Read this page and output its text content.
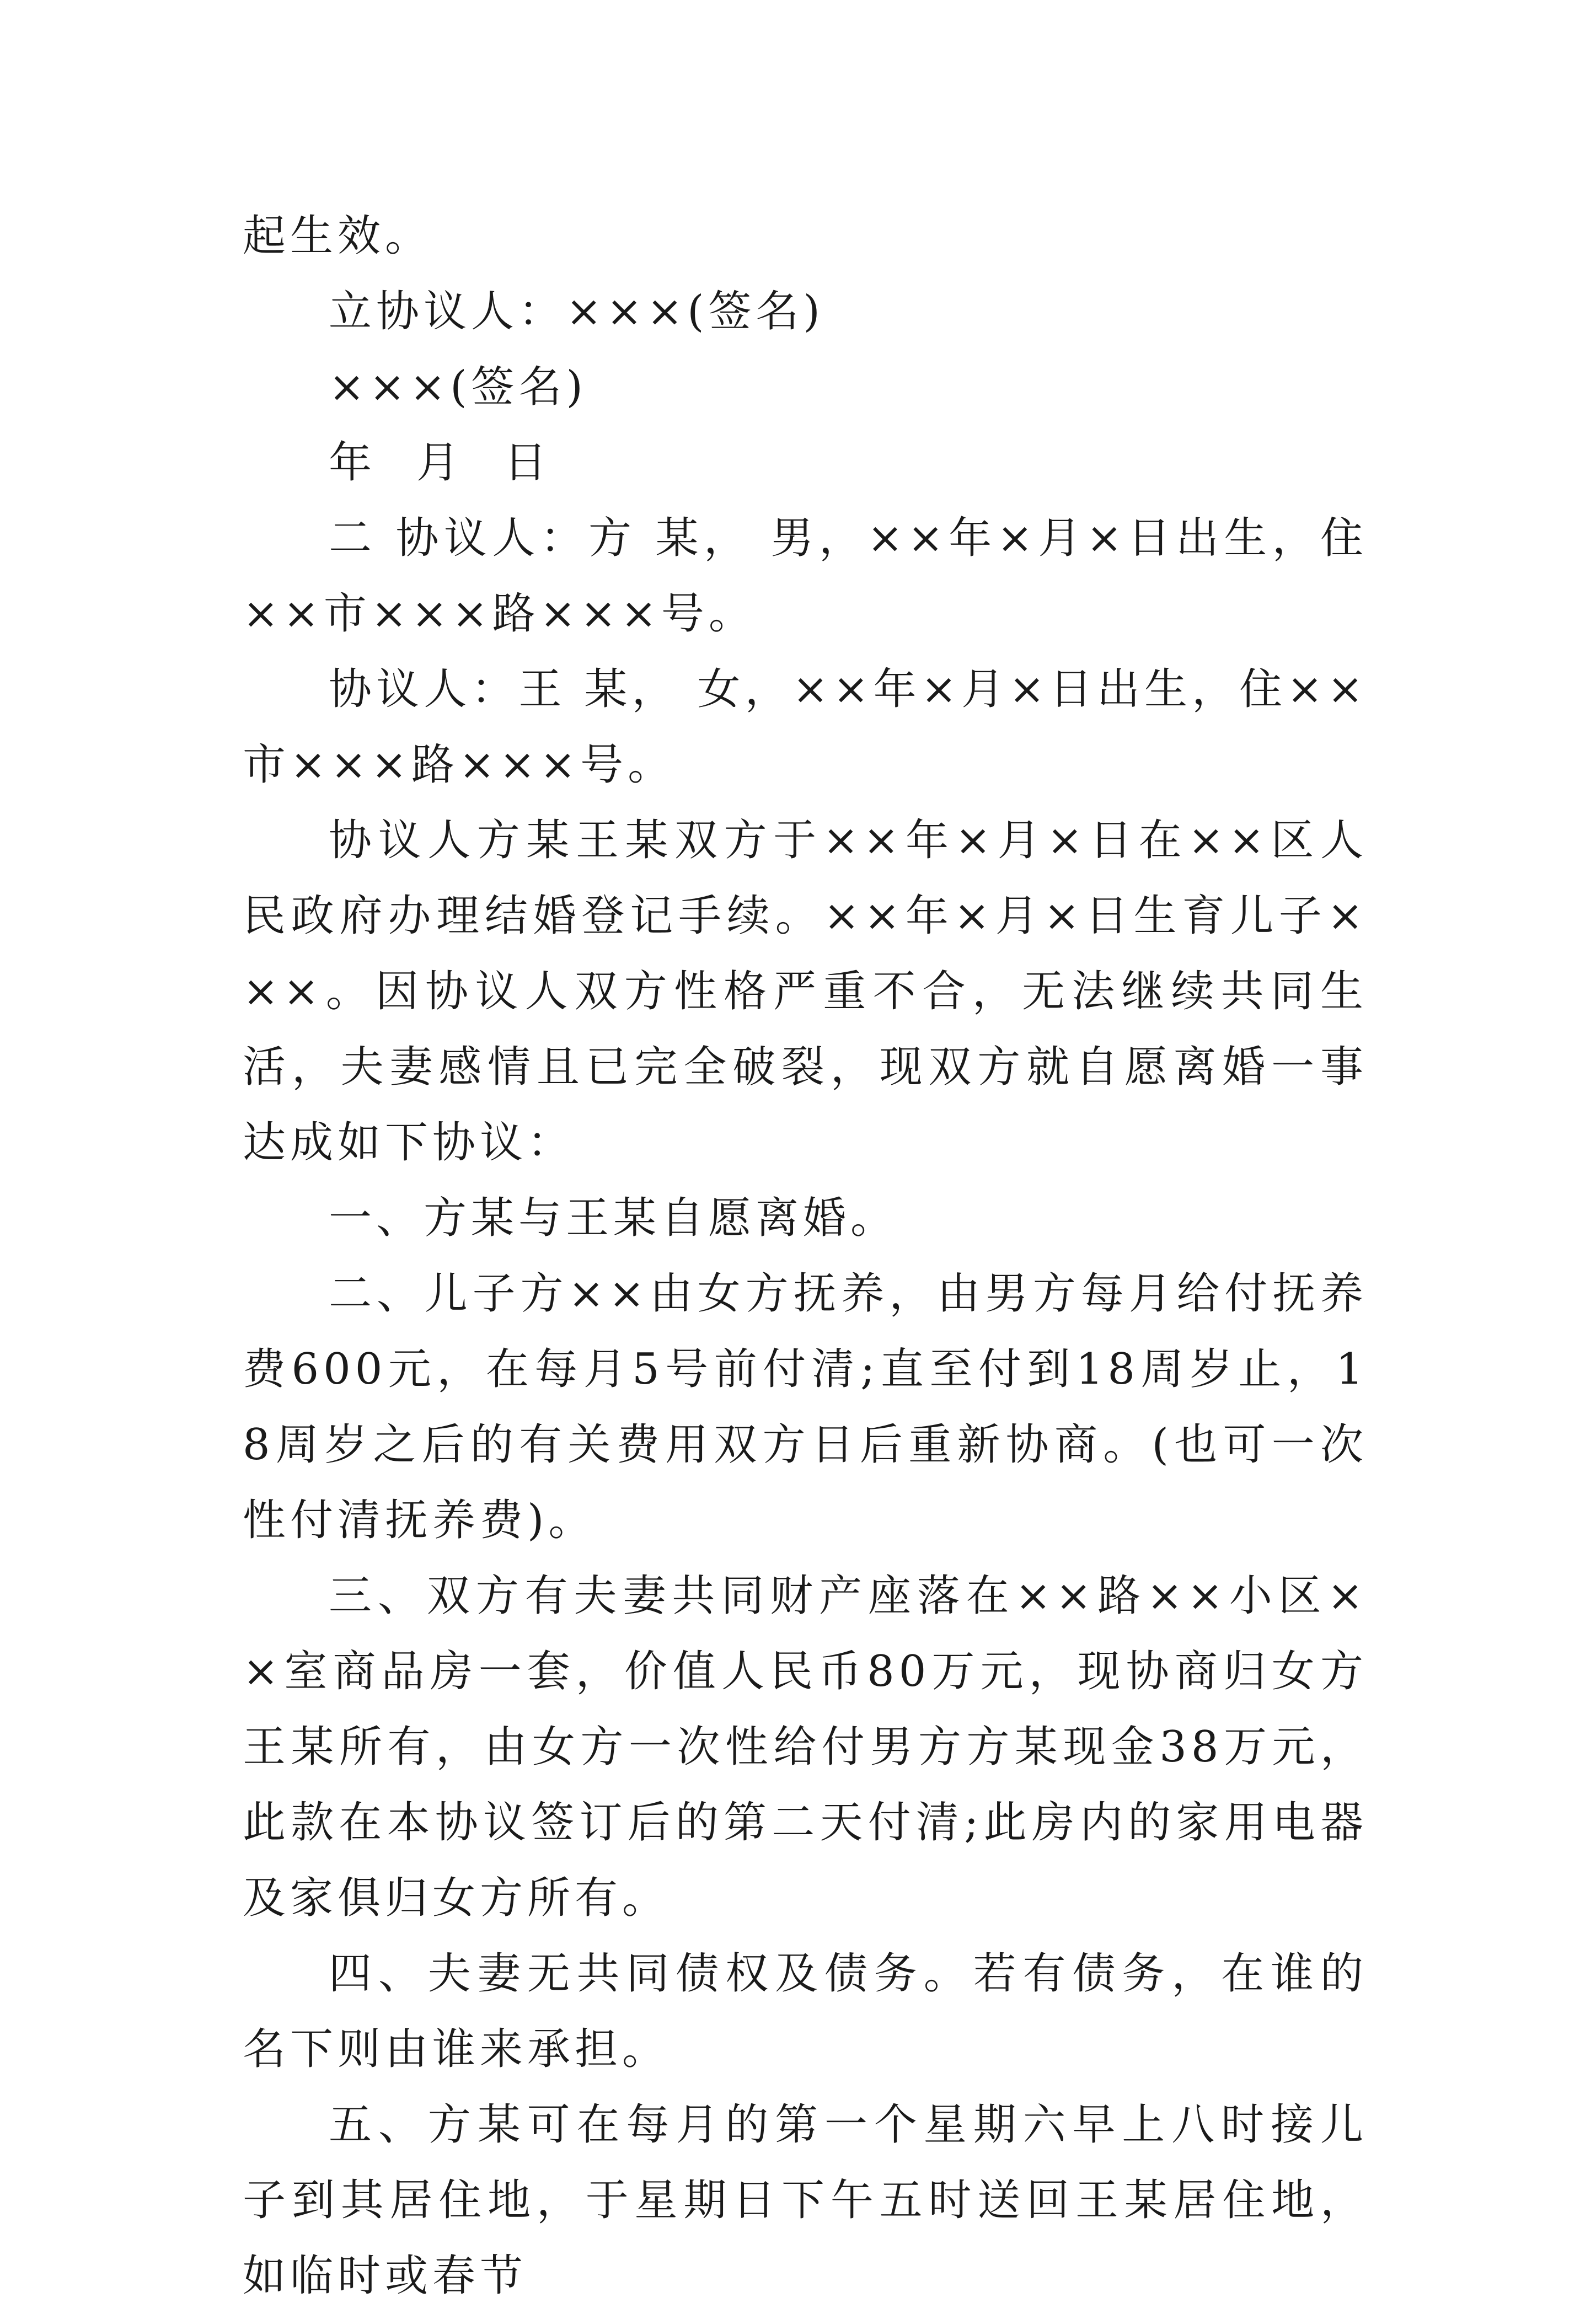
起生效。

立协议人：×××(签名)

×××(签名)

年 月 日

二 协议人：方 某， 男，××年×月×日出生，住××市×××路×××号。

协议人：王 某， 女，××年×月×日出生，住××市×××路×××号。

协议人方某王某双方于××年×月×日在××区人民政府办理结婚登记手续。××年×月×日生育儿子×××。因协议人双方性格严重不合，无法继续共同生活，夫妻感情且已完全破裂，现双方就自愿离婚一事达成如下协议：

一、方某与王某自愿离婚。

二、儿子方××由女方抚养，由男方每月给付抚养费600元，在每月5号前付清;直至付到18周岁止，18周岁之后的有关费用双方日后重新协商。(也可一次性付清抚养费)。

三、双方有夫妻共同财产座落在××路××小区××室商品房一套，价值人民币80万元，现协商归女方王某所有，由女方一次性给付男方方某现金38万元，此款在本协议签订后的第二天付清;此房内的家用电器及家俱归女方所有。

四、夫妻无共同债权及债务。若有债务，在谁的名下则由谁来承担。

五、方某可在每月的第一个星期六早上八时接儿子到其居住地，于星期日下午五时送回王某居住地，如临时或春节
